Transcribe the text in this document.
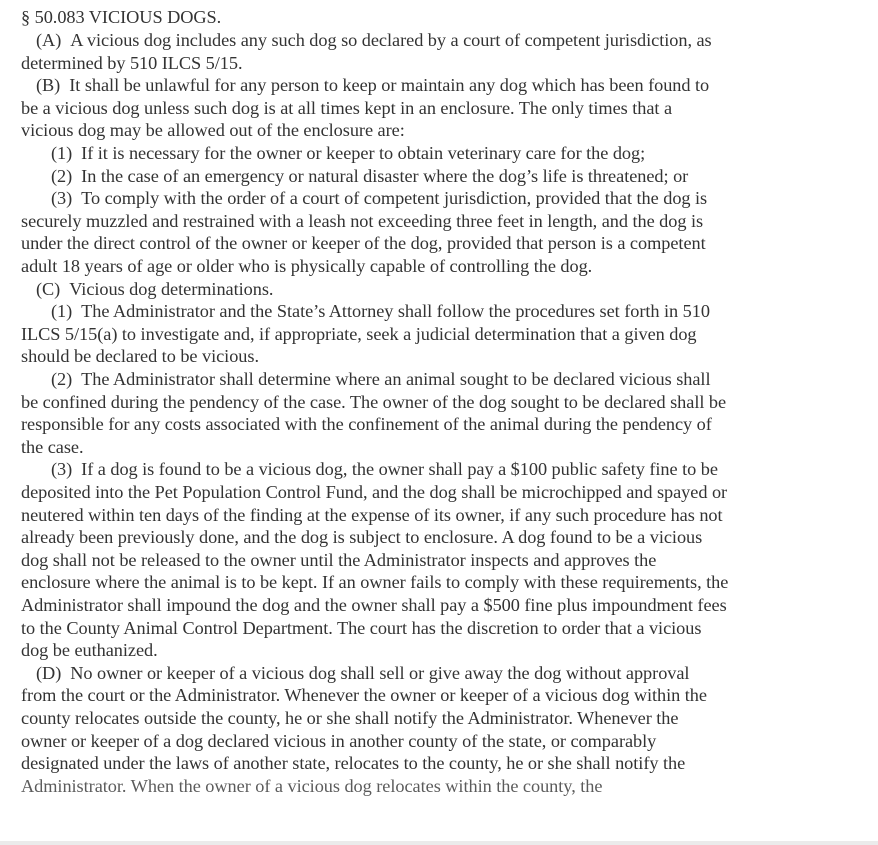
§ 50.083 VICIOUS DOGS.
(A) A vicious dog includes any such dog so declared by a court of competent jurisdiction, as
determined by 510 ILCS 5/15.
(B) It shall be unlawful for any person to keep or maintain any dog which has been found to
be a vicious dog unless such dog is at all times kept in an enclosure. The only times that a
vicious dog may be allowed out of the enclosure are:
(1) If it is necessary for the owner or keeper to obtain veterinary care for the dog;
(2) In the case of an emergency or natural disaster where the dog’s life is threatened; or
(3) To comply with the order of a court of competent jurisdiction, provided that the dog is
securely muzzled and restrained with a leash not exceeding three feet in length, and the dog is
under the direct control of the owner or keeper of the dog, provided that person is a competent
adult 18 years of age or older who is physically capable of controlling the dog.
(C) Vicious dog determinations.
(1) The Administrator and the State’s Attorney shall follow the procedures set forth in 510
ILCS 5/15(a) to investigate and, if appropriate, seek a judicial determination that a given dog
should be declared to be vicious.
(2) The Administrator shall determine where an animal sought to be declared vicious shall
be confined during the pendency of the case. The owner of the dog sought to be declared shall be
responsible for any costs associated with the confinement of the animal during the pendency of
the case.
(3) If a dog is found to be a vicious dog, the owner shall pay a $100 public safety fine to be
deposited into the Pet Population Control Fund, and the dog shall be microchipped and spayed or
neutered within ten days of the finding at the expense of its owner, if any such procedure has not
already been previously done, and the dog is subject to enclosure. A dog found to be a vicious
dog shall not be released to the owner until the Administrator inspects and approves the
enclosure where the animal is to be kept. If an owner fails to comply with these requirements, the
Administrator shall impound the dog and the owner shall pay a $500 fine plus impoundment fees
to the County Animal Control Department. The court has the discretion to order that a vicious
dog be euthanized.
(D) No owner or keeper of a vicious dog shall sell or give away the dog without approval
from the court or the Administrator. Whenever the owner or keeper of a vicious dog within the
county relocates outside the county, he or she shall notify the Administrator. Whenever the
owner or keeper of a dog declared vicious in another county of the state, or comparably
designated under the laws of another state, relocates to the county, he or she shall notify the
Administrator. When the owner of a vicious dog relocates within the county, the
